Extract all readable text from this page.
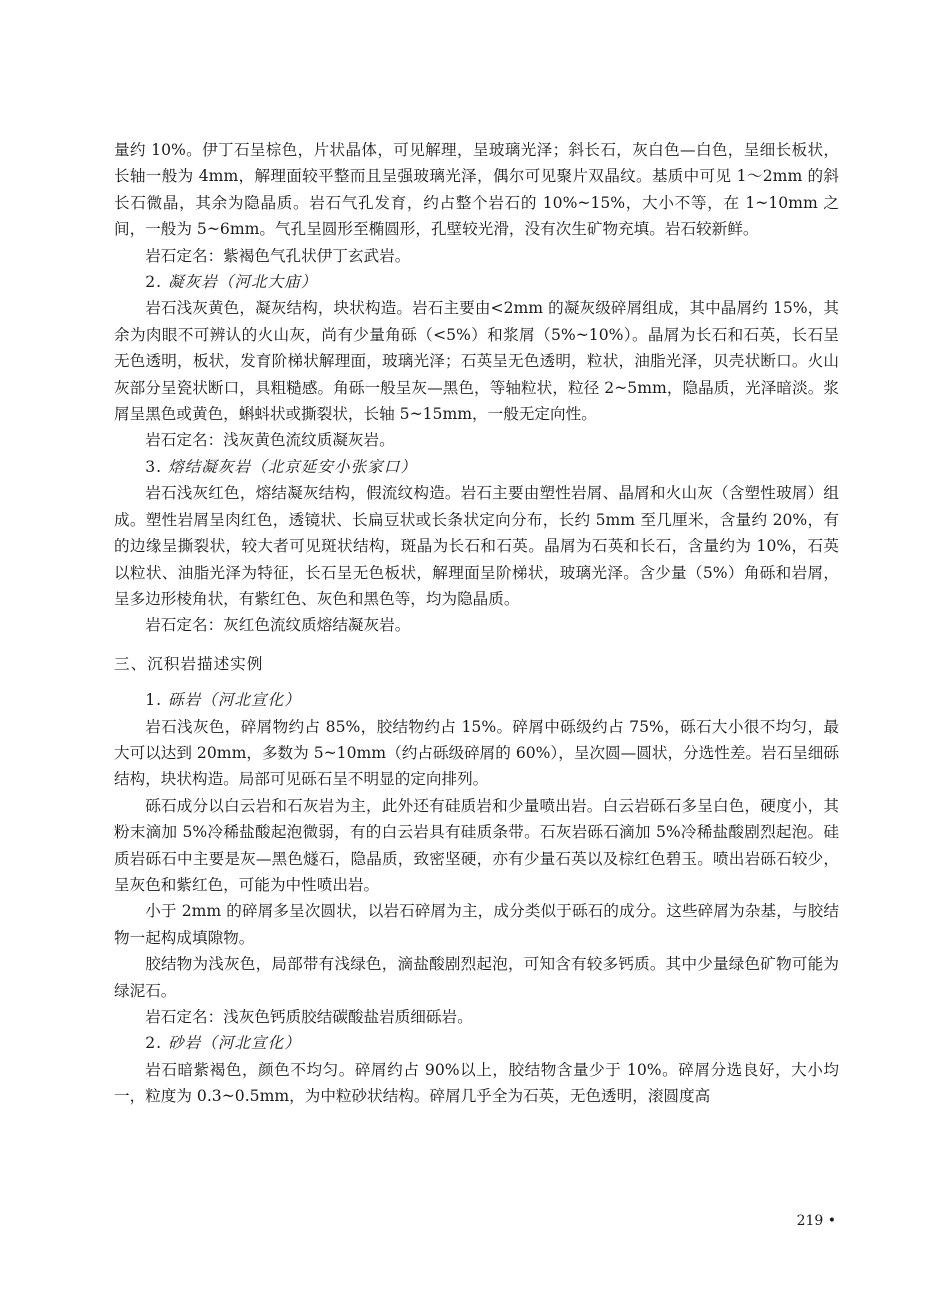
量约 10%。伊丁石呈棕色，片状晶体，可见解理，呈玻璃光泽；斜长石，灰白色—白色，呈细长板状，长轴一般为 4mm，解理面较平整而且呈强玻璃光泽，偶尔可见聚片双晶纹。基质中可见 1～2mm 的斜长石微晶，其余为隐晶质。岩石气孔发育，约占整个岩石的 10%~15%，大小不等，在 1~10mm 之间，一般为 5~6mm。气孔呈圆形至椭圆形，孔壁较光滑，没有次生矿物充填。岩石较新鲜。

岩石定名：紫褐色气孔状伊丁玄武岩。

2. 凝灰岩（河北大庙）

岩石浅灰黄色，凝灰结构，块状构造。岩石主要由<2mm 的凝灰级碎屑组成，其中晶屑约 15%，其余为肉眼不可辨认的火山灰，尚有少量角砾（<5%）和浆屑（5%~10%）。晶屑为长石和石英，长石呈无色透明，板状，发育阶梯状解理面，玻璃光泽；石英呈无色透明，粒状，油脂光泽，贝壳状断口。火山灰部分呈瓷状断口，具粗糙感。角砾一般呈灰—黑色，等轴粒状，粒径 2~5mm，隐晶质，光泽暗淡。浆屑呈黑色或黄色，蝌蚪状或撕裂状，长轴 5~15mm，一般无定向性。

岩石定名：浅灰黄色流纹质凝灰岩。

3. 熔结凝灰岩（北京延安小张家口）

岩石浅灰红色，熔结凝灰结构，假流纹构造。岩石主要由塑性岩屑、晶屑和火山灰（含塑性玻屑）组成。塑性岩屑呈肉红色，透镜状、长扁豆状或长条状定向分布，长约 5mm 至几厘米，含量约 20%，有的边缘呈撕裂状，较大者可见斑状结构，斑晶为长石和石英。晶屑为石英和长石，含量约为 10%，石英以粒状、油脂光泽为特征，长石呈无色板状，解理面呈阶梯状，玻璃光泽。含少量（5%）角砾和岩屑，呈多边形棱角状，有紫红色、灰色和黑色等，均为隐晶质。

岩石定名：灰红色流纹质熔结凝灰岩。

三、沉积岩描述实例

1. 砾岩（河北宣化）

岩石浅灰色，碎屑物约占 85%，胶结物约占 15%。碎屑中砾级约占 75%，砾石大小很不均匀，最大可以达到 20mm，多数为 5~10mm（约占砾级碎屑的 60%），呈次圆—圆状，分选性差。岩石呈细砾结构，块状构造。局部可见砾石呈不明显的定向排列。

砾石成分以白云岩和石灰岩为主，此外还有硅质岩和少量喷出岩。白云岩砾石多呈白色，硬度小，其粉末滴加 5%冷稀盐酸起泡微弱，有的白云岩具有硅质条带。石灰岩砾石滴加 5%冷稀盐酸剧烈起泡。硅质岩砾石中主要是灰—黑色燧石，隐晶质，致密坚硬，亦有少量石英以及棕红色碧玉。喷出岩砾石较少，呈灰色和紫红色，可能为中性喷出岩。

小于 2mm 的碎屑多呈次圆状，以岩石碎屑为主，成分类似于砾石的成分。这些碎屑为杂基，与胶结物一起构成填隙物。

胶结物为浅灰色，局部带有浅绿色，滴盐酸剧烈起泡，可知含有较多钙质。其中少量绿色矿物可能为绿泥石。

岩石定名：浅灰色钙质胶结碳酸盐岩质细砾岩。

2. 砂岩（河北宣化）

岩石暗紫褐色，颜色不均匀。碎屑约占 90%以上，胶结物含量少于 10%。碎屑分选良好，大小均一，粒度为 0.3~0.5mm，为中粒砂状结构。碎屑几乎全为石英，无色透明，滚圆度高

219 •
